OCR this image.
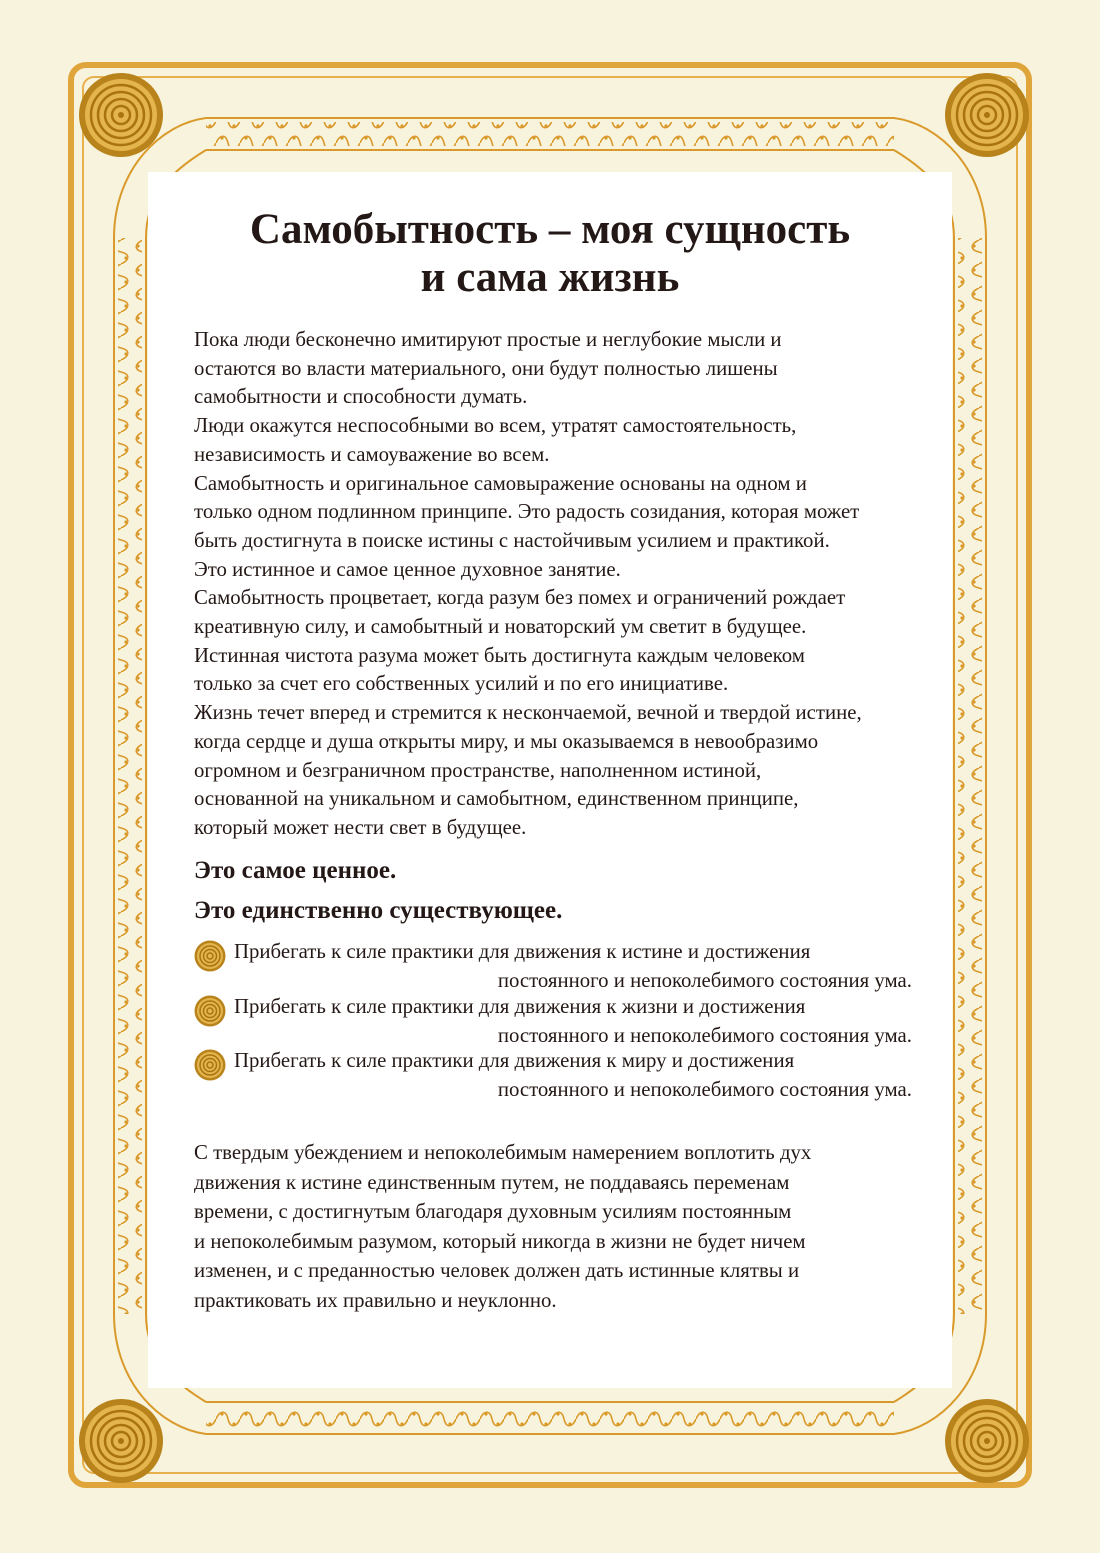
Самобытность – моя сущность
и сама жизнь

Пока люди бесконечно имитируют простые и неглубокие мысли и

остаются во власти материального, они будут полностью лишены

самобытности и способности думать.

Люди окажутся неспособными во всем, утратят самостоятельность,

независимость и самоуважение во всем.

Самобытность и оригинальное самовыражение основаны на одном и

только одном подлинном принципе. Это радость созидания, которая может

быть достигнута в поиске истины с настойчивым усилием и практикой.

Это истинное и самое ценное духовное занятие.

Самобытность процветает, когда разум без помех и ограничений рождает

креативную силу, и самобытный и новаторский ум светит в будущее.

Истинная чистота разума может быть достигнута каждым человеком

только за счет его собственных усилий и по его инициативе.

Жизнь течет вперед и стремится к нескончаемой, вечной и твердой истине,

когда сердце и душа открыты миру, и мы оказываемся в невообразимо

огромном и безграничном пространстве, наполненном истиной,

основанной на уникальном и самобытном, единственном принципе,

который может нести свет в будущее.

Это самое ценное.
Это единственно существующее.
Прибегать к силе практики для движения к истине и достижения
постоянного и непоколебимого состояния ума.
Прибегать к силе практики для движения к жизни и достижения
постоянного и непоколебимого состояния ума.
Прибегать к силе практики для движения к миру и достижения
постоянного и непоколебимого состояния ума.

С твердым убеждением и непоколебимым намерением воплотить дух

движения к истине единственным путем, не поддаваясь переменам

времени, с достигнутым благодаря духовным усилиям постоянным

и непоколебимым разумом, который никогда в жизни не будет ничем

изменен, и с преданностью человек должен дать истинные клятвы и

практиковать их правильно и неуклонно.
